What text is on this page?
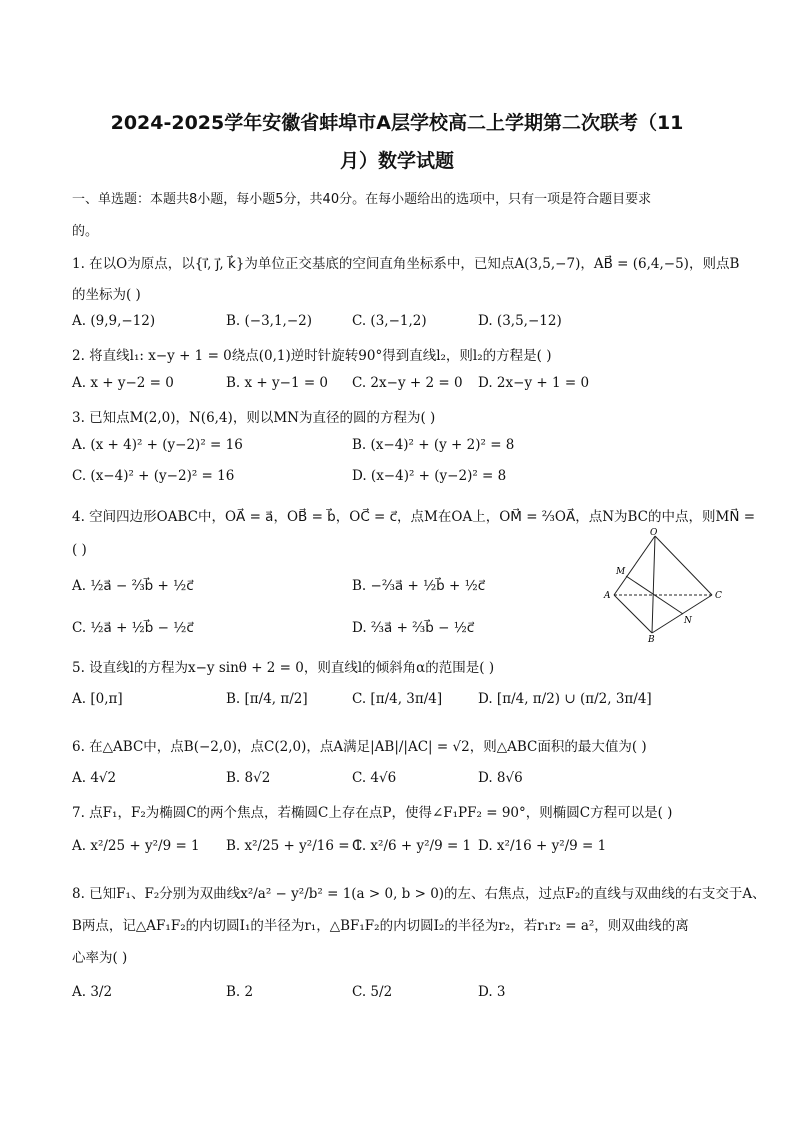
2024-2025学年安徽省蚌埠市A层学校高二上学期第二次联考（11
月）数学试题
一、单选题：本题共8小题，每小题5分，共40分。在每小题给出的选项中，只有一项是符合题目要求
的。
1. 在以O为原点，以{i⃗, j⃗, k⃗}为单位正交基底的空间直角坐标系中，已知点A(3,5,−7)，AB⃗ = (6,4,−5)，则点B
的坐标为( )
A. (9,9,−12)	B. (−3,1,−2)	C. (3,−1,2)	D. (3,5,−12)
2. 将直线l₁: x−y + 1 = 0绕点(0,1)逆时针旋转90°得到直线l₂，则l₂的方程是( )
A. x + y−2 = 0	B. x + y−1 = 0 C. 2x−y + 2 = 0 D. 2x−y + 1 = 0
3. 已知点M(2,0)，N(6,4)，则以MN为直径的圆的方程为( )
A. (x + 4)² + (y−2)² = 16	B. (x−4)² + (y + 2)² = 8
C. (x−4)² + (y−2)² = 16	D. (x−4)² + (y−2)² = 8
4. 空间四边形OABC中，OA⃗ = a⃗，OB⃗ = b⃗，OC⃗ = c⃗，点M在OA上，OM⃗ = ⅔OA⃗，点N为BC的中点，则MN⃗ =
( )
A. ½a⃗ − ⅔b⃗ + ½c⃗	B. −⅔a⃗ + ½b⃗ + ½c⃗
C. ½a⃗ + ½b⃗ − ½c⃗	D. ⅔a⃗ + ⅔b⃗ − ½c⃗
O
M
A	C
N
B
5. 设直线l的方程为x−y sinθ + 2 = 0，则直线l的倾斜角α的范围是( )
A. [0,π]	B. [π/4, π/2]	C. [π/4, 3π/4]	D. [π/4, π/2) ∪ (π/2, 3π/4]
6. 在△ABC中，点B(−2,0)，点C(2,0)，点A满足|AB|/|AC| = √2，则△ABC面积的最大值为( )
A. 4√2	B. 8√2	C. 4√6	D. 8√6
7. 点F₁，F₂为椭圆C的两个焦点，若椭圆C上存在点P，使得∠F₁PF₂ = 90°，则椭圆C方程可以是( )
A. x²/25 + y²/9 = 1 B. x²/25 + y²/16 = 1
C. x²/6 + y²/9 = 1 D. x²/16 + y²/9 = 1
8. 已知F₁、F₂分别为双曲线x²/a² − y²/b² = 1(a > 0, b > 0)的左、右焦点，过点F₂的直线与双曲线的右支交于A、
B两点，记△AF₁F₂的内切圆I₁的半径为r₁，△BF₁F₂的内切圆I₂的半径为r₂，若r₁r₂ = a²，则双曲线的离
心率为( )
A. 3/2	B. 2	C. 5/2	D. 3
